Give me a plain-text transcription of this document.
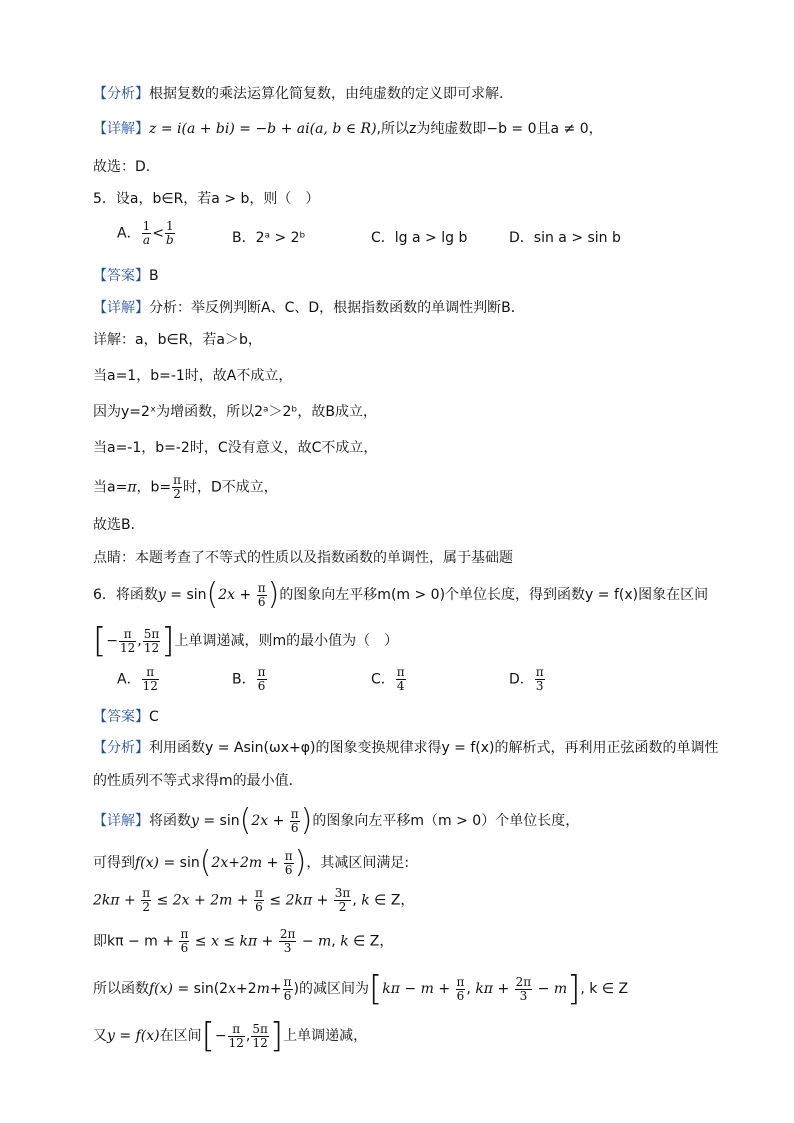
【分析】根据复数的乘法运算化简复数，由纯虚数的定义即可求解.
【详解】z = i(a + bi) = −b + ai(a, b ∈ R),所以z为纯虚数即−b = 0且a ≠ 0，
故选：D.
5．设a，b∈R，若a > b，则（　）
A． $\frac{1}{a} < \frac{1}{b}$	B．2ᵃ > 2ᵇ	C．lg a > lg b	D．sin a > sin b
【答案】B
【详解】分析：举反例判断A、C、D，根据指数函数的单调性判断B．
详解：a，b∈R，若a＞b，
当a=1，b=-1时，故A不成立，
因为y=2ˣ为增函数，所以2ᵃ＞2ᵇ，故B成立，
当a=-1，b=-2时，C没有意义，故C不成立，
当a=π，$b= \frac{\pi}{2}$ 时，D不成立，
故选B．
点睛：本题考查了不等式的性质以及指数函数的单调性，属于基础题
6．将函数$y = \sin(2x + \frac{\pi}{6}$ )的图象向左平移m(m > 0)个单位长度，得到函数y = f(x)图象在区间
[− $\frac{\pi}{12}$ , $\frac{5\pi}{12}$ ]上单调递减，则m的最小值为（　）
A． $\frac{\pi}{12}$	B． $\frac{\pi}{6}$	C． $\frac{\pi}{4}$	D． $\frac{\pi}{3}$
【答案】C
【分析】利用函数y = Asin(ωx+φ)的图象变换规律求得y = f(x)的解析式，再利用正弦函数的单调性
的性质列不等式求得m的最小值．
【详解】将函数$y = \sin(2x + \frac{\pi}{6}$ )的图象向左平移m（m > 0）个单位长度，
可得到$f(x) = \sin(2x+2m + \frac{\pi}{6}$ )，其减区间满足:
$2k\pi + \frac{\pi}{2} \le 2x + 2m + \frac{\pi}{6} \le 2k\pi + \frac{3\pi}{2}$ , k ∈ Z，
即$k\pi - m + \frac{\pi}{6} \le x \le k\pi + \frac{2\pi}{3} - m$, k ∈ Z，
所以函数$f(x) = \sin(2x+2m+ \frac{\pi}{6}$ )的减区间为[$k\pi - m + \frac{\pi}{6}$ , $k\pi + \frac{2\pi}{3} - m$], k ∈ Z
又y = f(x)在区间[− $\frac{\pi}{12}$ , $\frac{5\pi}{12}$ ]上单调递减，
